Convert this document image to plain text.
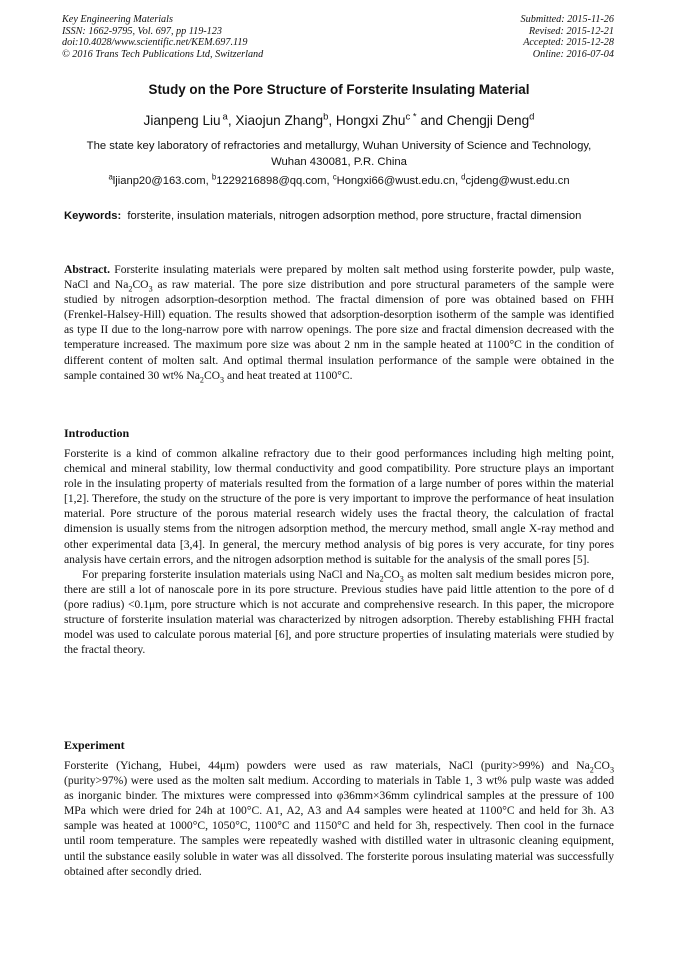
Key Engineering Materials
ISSN: 1662-9795, Vol. 697, pp 119-123
doi:10.4028/www.scientific.net/KEM.697.119
© 2016 Trans Tech Publications Ltd, Switzerland
Submitted: 2015-11-26
Revised: 2015-12-21
Accepted: 2015-12-28
Online: 2016-07-04
Study on the Pore Structure of Forsterite Insulating Material
Jianpeng Liu  $^a$, Xiaojun Zhang$^b$, Hongxi Zhu$^{c *}$ and Chengji Deng$^d$
The state key laboratory of refractories and metallurgy, Wuhan University of Science and Technology, Wuhan 430081, P.R. China
$^a$ljianp20@163.com, $^b$1229216898@qq.com, $^c$Hongxi66@wust.edu.cn, $^d$cjdeng@wust.edu.cn
Keywords: forsterite, insulation materials, nitrogen adsorption method, pore structure, fractal dimension

Abstract. Forsterite insulating materials were prepared by molten salt method using forsterite powder, pulp waste, NaCl and $Na_2CO_3$ as raw material. The pore size distribution and pore structural parameters of the sample were studied by nitrogen adsorption-desorption method. The fractal dimension of pore was obtained based on FHH (Frenkel-Halsey-Hill) equation. The results showed that adsorption-desorption isotherm of the sample was identified as type II due to the long-narrow pore with narrow openings. The pore size and fractal dimension decreased with the temperature increased. The maximum pore size was about 2 nm in the sample heated at 1100°C in the condition of different content of molten salt. And optimal thermal insulation performance of the sample were obtained in the sample contained 30 wt% $Na_2CO_3$ and heat treated at 1100°C.

Introduction

Forsterite is a kind of common alkaline refractory due to their good performances including high melting point, chemical and mineral stability, low thermal conductivity and good compatibility. Pore structure plays an important role in the insulating property of materials resulted from the formation of a large number of pores within the material [1,2]. Therefore, the study on the structure of the pore is very important to improve the performance of heat insulation material. Pore structure of the porous material research widely uses the fractal theory, the calculation of fractal dimension is usually stems from the nitrogen adsorption method, the mercury method, small angle X-ray method and other experimental data [3,4]. In general, the mercury method analysis of big pores is very accurate, for tiny pores analysis have certain errors, and the nitrogen adsorption method is suitable for the analysis of the small pores [5].

For preparing forsterite insulation materials using NaCl and $Na_2CO_3$ as molten salt medium besides micron pore, there are still a lot of nanoscale pore in its pore structure. Previous studies have paid little attention to the pore of d (pore radius) <0.1μm, pore structure which is not accurate and comprehensive research. In this paper, the micropore structure of forsterite insulation material was characterized by nitrogen adsorption. Thereby establishing FHH fractal model was used to calculate porous material [6], and pore structure properties of insulating materials were studied by the fractal theory.

Experiment

Forsterite (Yichang, Hubei, 44μm) powders were used as raw materials, NaCl (purity>99%) and $Na_2CO_3$ (purity>97%) were used as the molten salt medium. According to materials in Table 1, 3 wt% pulp waste was added as inorganic binder. The mixtures were compressed into φ36mm×36mm cylindrical samples at the pressure of 100 MPa which were dried for 24h at 100°C. A1, A2, A3 and A4 samples were heated at 1100°C and held for 3h. A3 sample was heated at 1000°C, 1050°C, 1100°C and 1150°C and held for 3h, respectively. Then cool in the furnace until room temperature. The samples were repeatedly washed with distilled water in ultrasonic cleaning equipment, until the substance easily soluble in water was all dissolved. The forsterite porous insulating material was successfully obtained after secondly dried.
